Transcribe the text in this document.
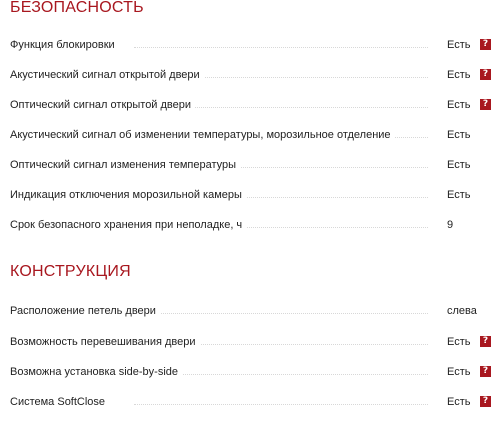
БЕЗОПАСНОСТЬ
Функция блокировки	Есть	?
Акустический сигнал открытой двери	Есть	?
Оптический сигнал открытой двери	Есть	?
Акустический сигнал об изменении температуры, морозильное отделение	Есть
Оптический сигнал изменения температуры	Есть
Индикация отключения морозильной камеры	Есть
Срок безопасного хранения при неполадке, ч	9
КОНСТРУКЦИЯ
Расположение петель двери	слева
Возможность перевешивания двери	Есть	?
Возможна установка side-by-side	Есть	?
Система SoftClose	Есть	?
